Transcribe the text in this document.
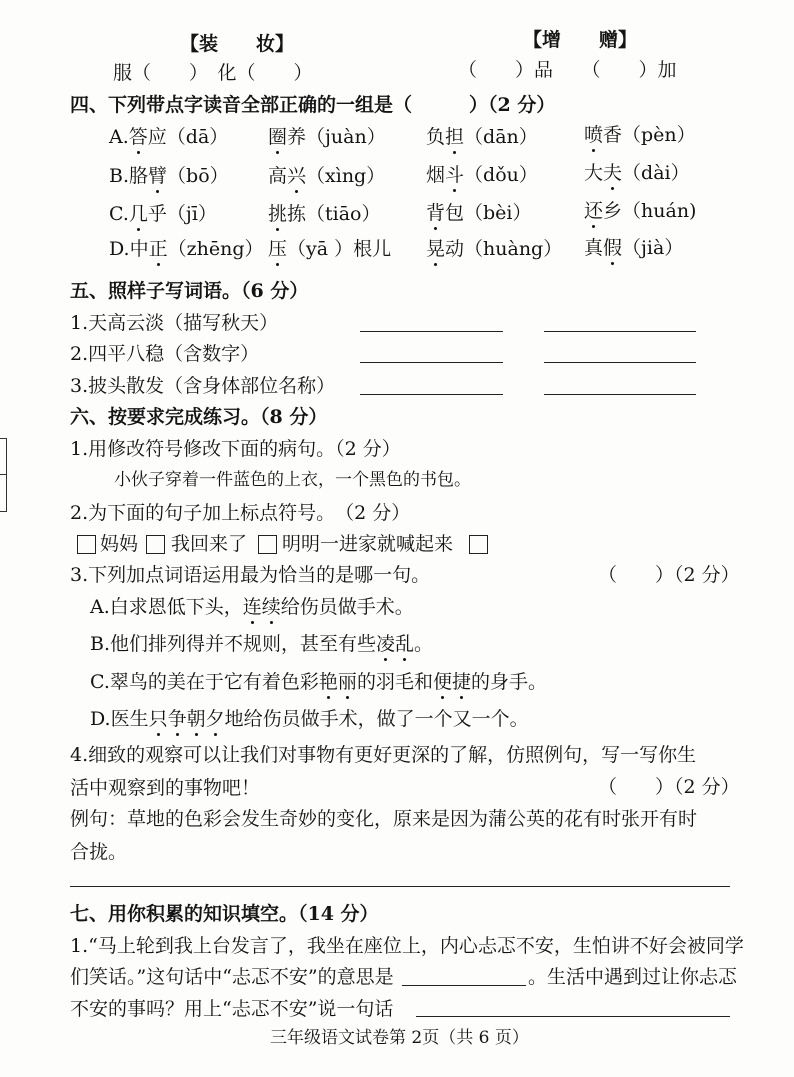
【装　　妆】	【增　　赠】
服（　　）　化（　　）	（　　）品　　（　　）加
四、下列带点字读音全部正确的一组是（　　　）（2 分）
A.答应（dā） 圈养（juàn） 负担（dān） 喷香（pèn）
B.胳臂（bō） 高兴（xìng） 烟斗（dǒu） 大夫（dài）
C.几乎（jī）	挑拣（tiāo） 背包（bèi）	还乡（huán)
D.中正（zhēng） 压（yā ）根儿 晃动（huàng） 真假（jià）
五、照样子写词语。（6 分）
1.天高云淡（描写秋天）
2.四平八稳（含数字）
3.披头散发（含身体部位名称）
六、按要求完成练习。（8 分）
1.用修改符号修改下面的病句。（2 分）
小伙子穿着一件蓝色的上衣，一个黑色的书包。
2.为下面的句子加上标点符号。　（2 分）
妈妈 我回来了 明明一进家就喊起来
3.下列加点词语运用最为恰当的是哪一句。	（　　）（2 分）
A.白求恩低下头，连续给伤员做手术。
B.他们排列得并不规则，甚至有些凌乱。
C.翠鸟的美在于它有着色彩艳丽的羽毛和便捷的身手。
D.医生只争朝夕地给伤员做手术，做了一个又一个。
4.细致的观察可以让我们对事物有更好更深的了解，仿照例句，写一写你生
活中观察到的事物吧！	（　　）（2 分）
例句：草地的色彩会发生奇妙的变化，原来是因为蒲公英的花有时张开有时
合拢。
七、用你积累的知识填空。（14 分）
1.“马上轮到我上台发言了，我坐在座位上，内心忐忑不安，生怕讲不好会被同学
们笑话。”这句话中“忐忑不安”的意思是	。生活中遇到过让你忐忑
不安的事吗？用上“忐忑不安”说一句话
三年级语文试卷第 2页（共 6 页）
